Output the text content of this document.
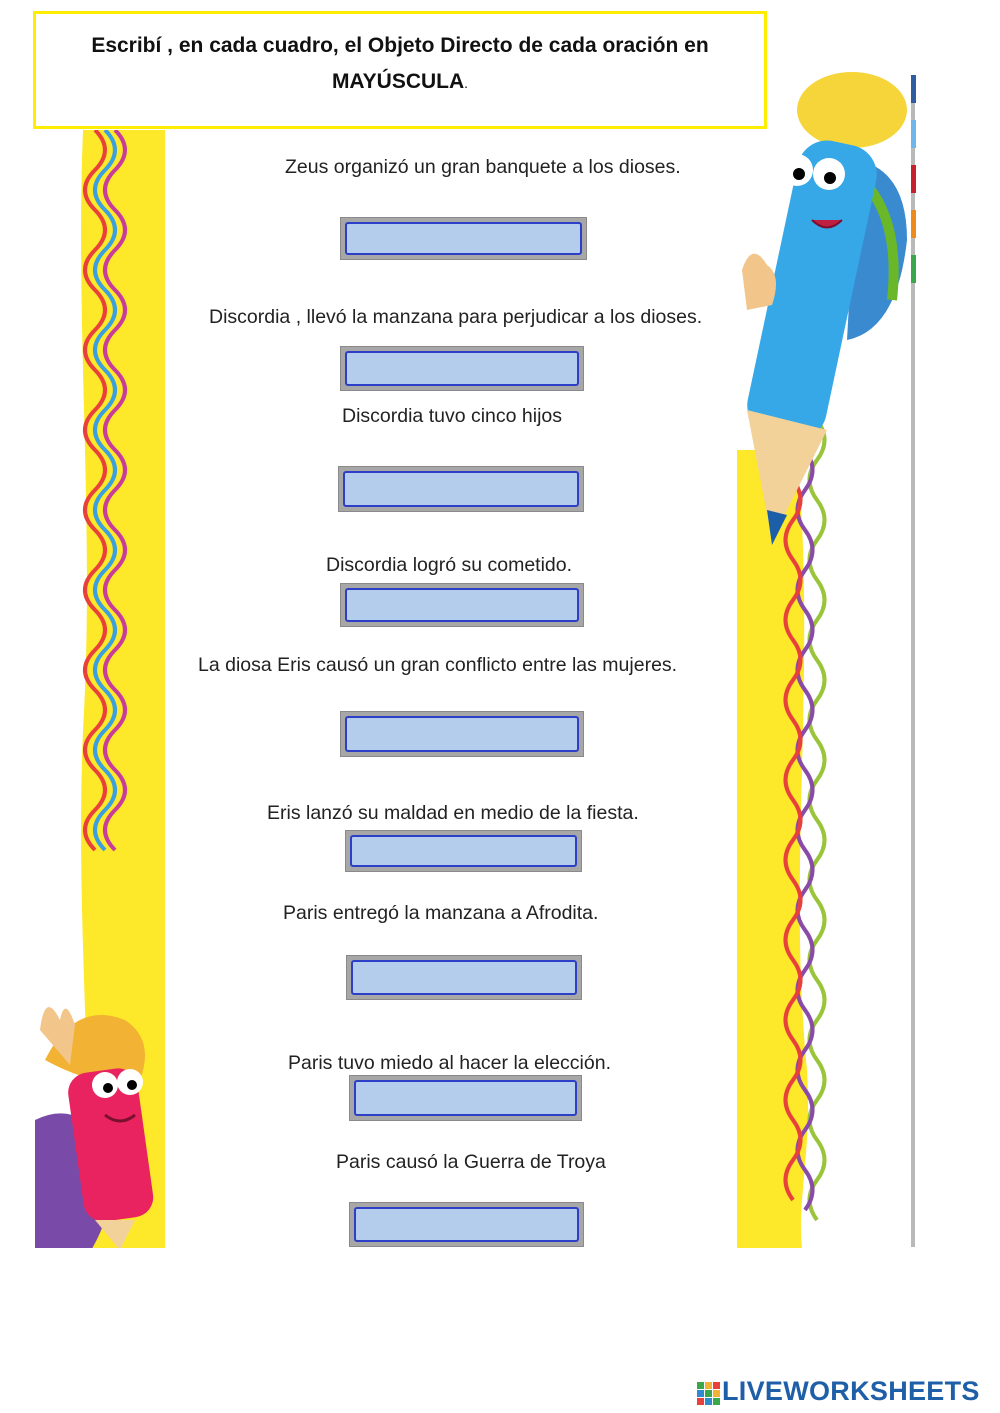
Escribí , en cada cuadro, el Objeto Directo de cada oración en
MAYÚSCULA.
Zeus organizó un gran banquete a los dioses.
Discordia , llevó la manzana para perjudicar a los dioses.
Discordia tuvo cinco hijos
Discordia logró su cometido.
La diosa Eris causó un gran conflicto entre las mujeres.
Eris lanzó su maldad en medio de la fiesta.
Paris entregó la manzana a Afrodita.
Paris tuvo miedo al hacer la elección.
Paris causó la Guerra de Troya
LIVEWORKSHEETS
